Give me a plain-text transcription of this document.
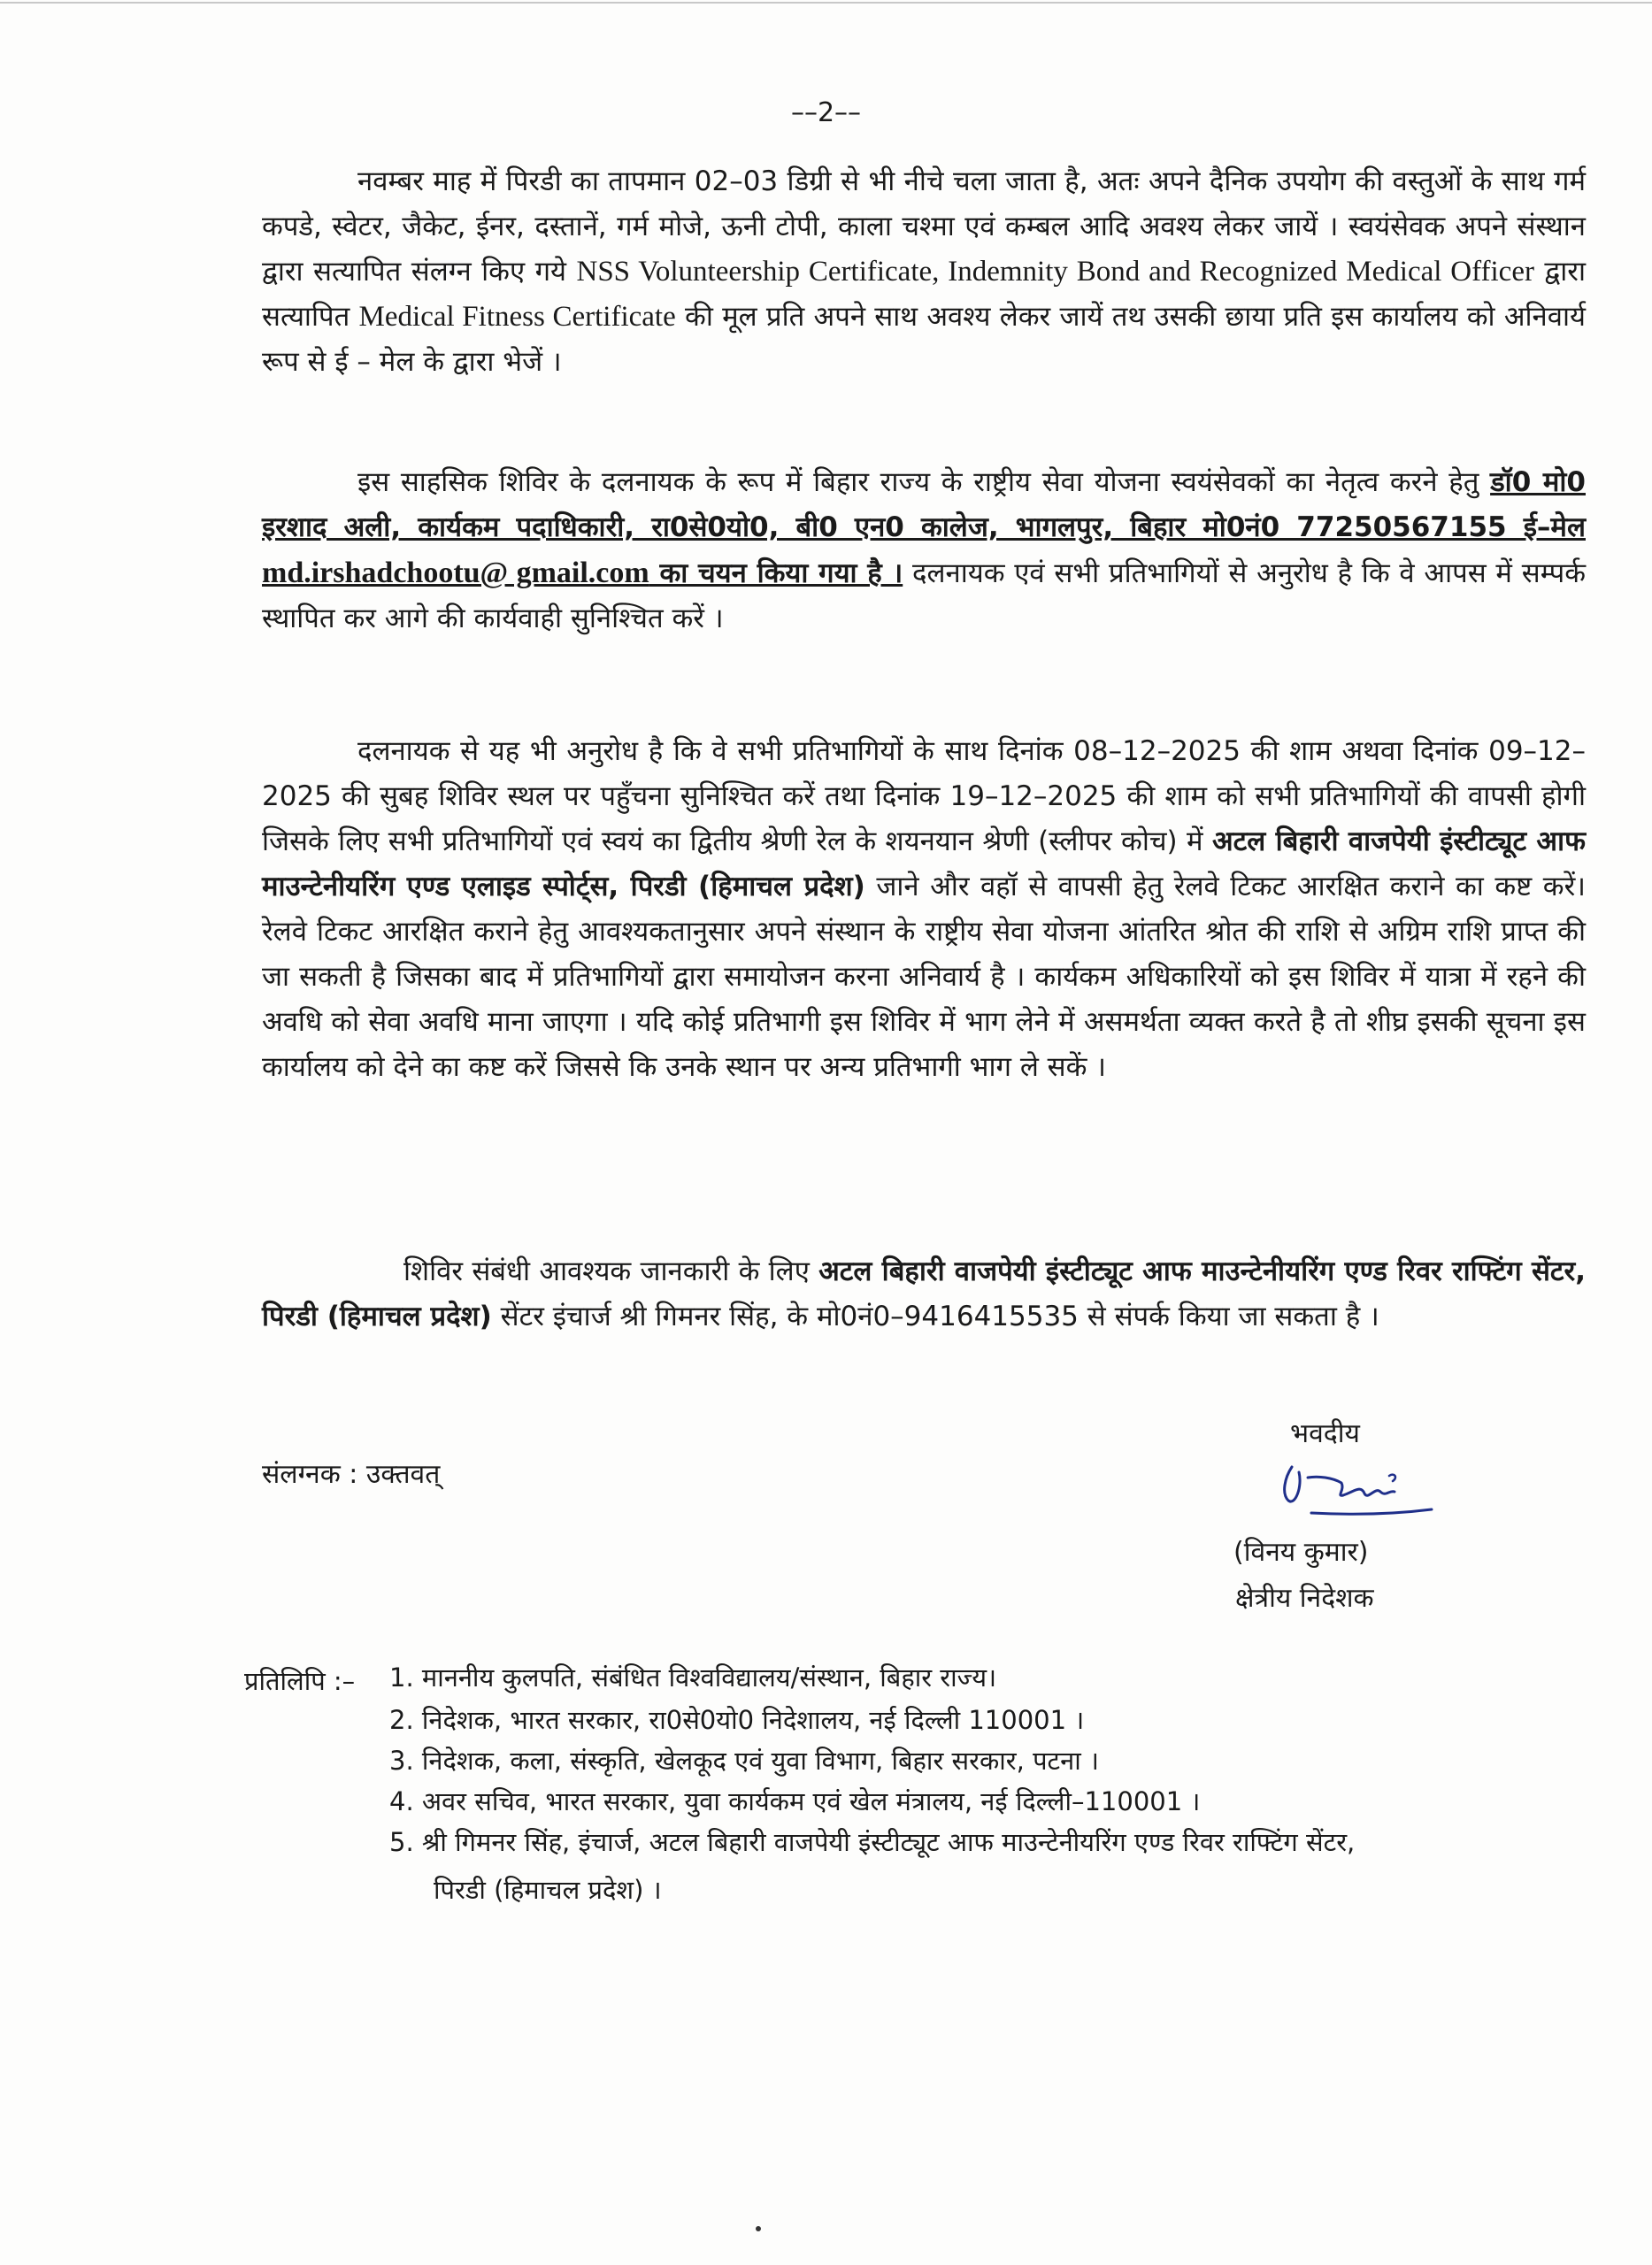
––2––

नवम्बर माह में पिरडी का तापमान 02–03 डिग्री से भी नीचे चला जाता है, अतः अपने दैनिक उपयोग की वस्तुओं के साथ गर्म कपडे, स्वेटर, जैकेट, ईनर, दस्तानें, गर्म मोजे, ऊनी टोपी, काला चश्मा एवं कम्बल आदि अवश्य लेकर जायें । स्वयंसेवक अपने संस्थान द्वारा सत्यापित संलग्न किए गये NSS Volunteership Certificate, Indemnity Bond and Recognized Medical Officer द्वारा सत्यापित Medical Fitness Certificate की मूल प्रति अपने साथ अवश्य लेकर जायें तथ उसकी छाया प्रति इस कार्यालय को अनिवार्य रूप से ई – मेल के द्वारा भेजें ।

इस साहसिक शिविर के दलनायक के रूप में बिहार राज्य के राष्ट्रीय सेवा योजना स्वयंसेवकों का नेतृत्व करने हेतु डॉ0 मो0 इरशाद अली, कार्यकम पदाधिकारी, रा0से0यो0, बी0 एन0 कालेज, भागलपुर, बिहार मो0नं0 77250567155 ई–मेल md.irshadchootu@ gmail.com का चयन किया गया है । दलनायक एवं सभी प्रतिभागियों से अनुरोध है कि वे आपस में सम्पर्क स्थापित कर आगे की कार्यवाही सुनिश्चित करें ।

दलनायक से यह भी अनुरोध है कि वे सभी प्रतिभागियों के साथ दिनांक 08–12–2025 की शाम अथवा दिनांक 09–12–2025 की सुबह शिविर स्थल पर पहुँचना सुनिश्चित करें तथा दिनांक 19–12–2025 की शाम को सभी प्रतिभागियों की वापसी होगी जिसके लिए सभी प्रतिभागियों एवं स्वयं का द्वितीय श्रेणी रेल के शयनयान श्रेणी (स्लीपर कोच) में अटल बिहारी वाजपेयी इंस्टीट्यूट आफ माउन्टेनीयरिंग एण्ड एलाइड स्पोर्ट्स, पिरडी (हिमाचल प्रदेश) जाने और वहॉ से वापसी हेतु रेलवे टिकट आरक्षित कराने का कष्ट करें। रेलवे टिकट आरक्षित कराने हेतु आवश्यकतानुसार अपने संस्थान के राष्ट्रीय सेवा योजना आंतरित श्रोत की राशि से अग्रिम राशि प्राप्त की जा सकती है जिसका बाद में प्रतिभागियों द्वारा समायोजन करना अनिवार्य है । कार्यकम अधिकारियों को इस शिविर में यात्रा में रहने की अवधि को सेवा अवधि माना जाएगा । यदि कोई प्रतिभागी इस शिविर में भाग लेने में असमर्थता व्यक्त करते है तो शीघ्र इसकी सूचना इस कार्यालय को देने का कष्ट करें जिससे कि उनके स्थान पर अन्य प्रतिभागी भाग ले सकें ।

शिविर संबंधी आवश्यक जानकारी के लिए अटल बिहारी वाजपेयी इंस्टीट्यूट आफ माउन्टेनीयरिंग एण्ड रिवर राफ्टिंग सेंटर, पिरडी (हिमाचल प्रदेश) सेंटर इंचार्ज श्री गिमनर सिंह, के मो0नं0–9416415535 से संपर्क किया जा सकता है ।

भवदीय

संलग्नक : उक्तवत्

(विनय कुमार)

क्षेत्रीय निदेशक

प्रतिलिपि :– 1. माननीय कुलपति, संबंधित विश्वविद्यालय/संस्थान, बिहार राज्य।

2. निदेशक, भारत सरकार, रा0से0यो0 निदेशालय, नई दिल्ली 110001 ।

3. निदेशक, कला, संस्कृति, खेलकूद एवं युवा विभाग, बिहार सरकार, पटना ।

4. अवर सचिव, भारत सरकार, युवा कार्यकम एवं खेल मंत्रालय, नई दिल्ली–110001 ।

5. श्री गिमनर सिंह, इंचार्ज, अटल बिहारी वाजपेयी इंस्टीट्यूट आफ माउन्टेनीयरिंग एण्ड रिवर राफ्टिंग सेंटर,

पिरडी (हिमाचल प्रदेश) ।
